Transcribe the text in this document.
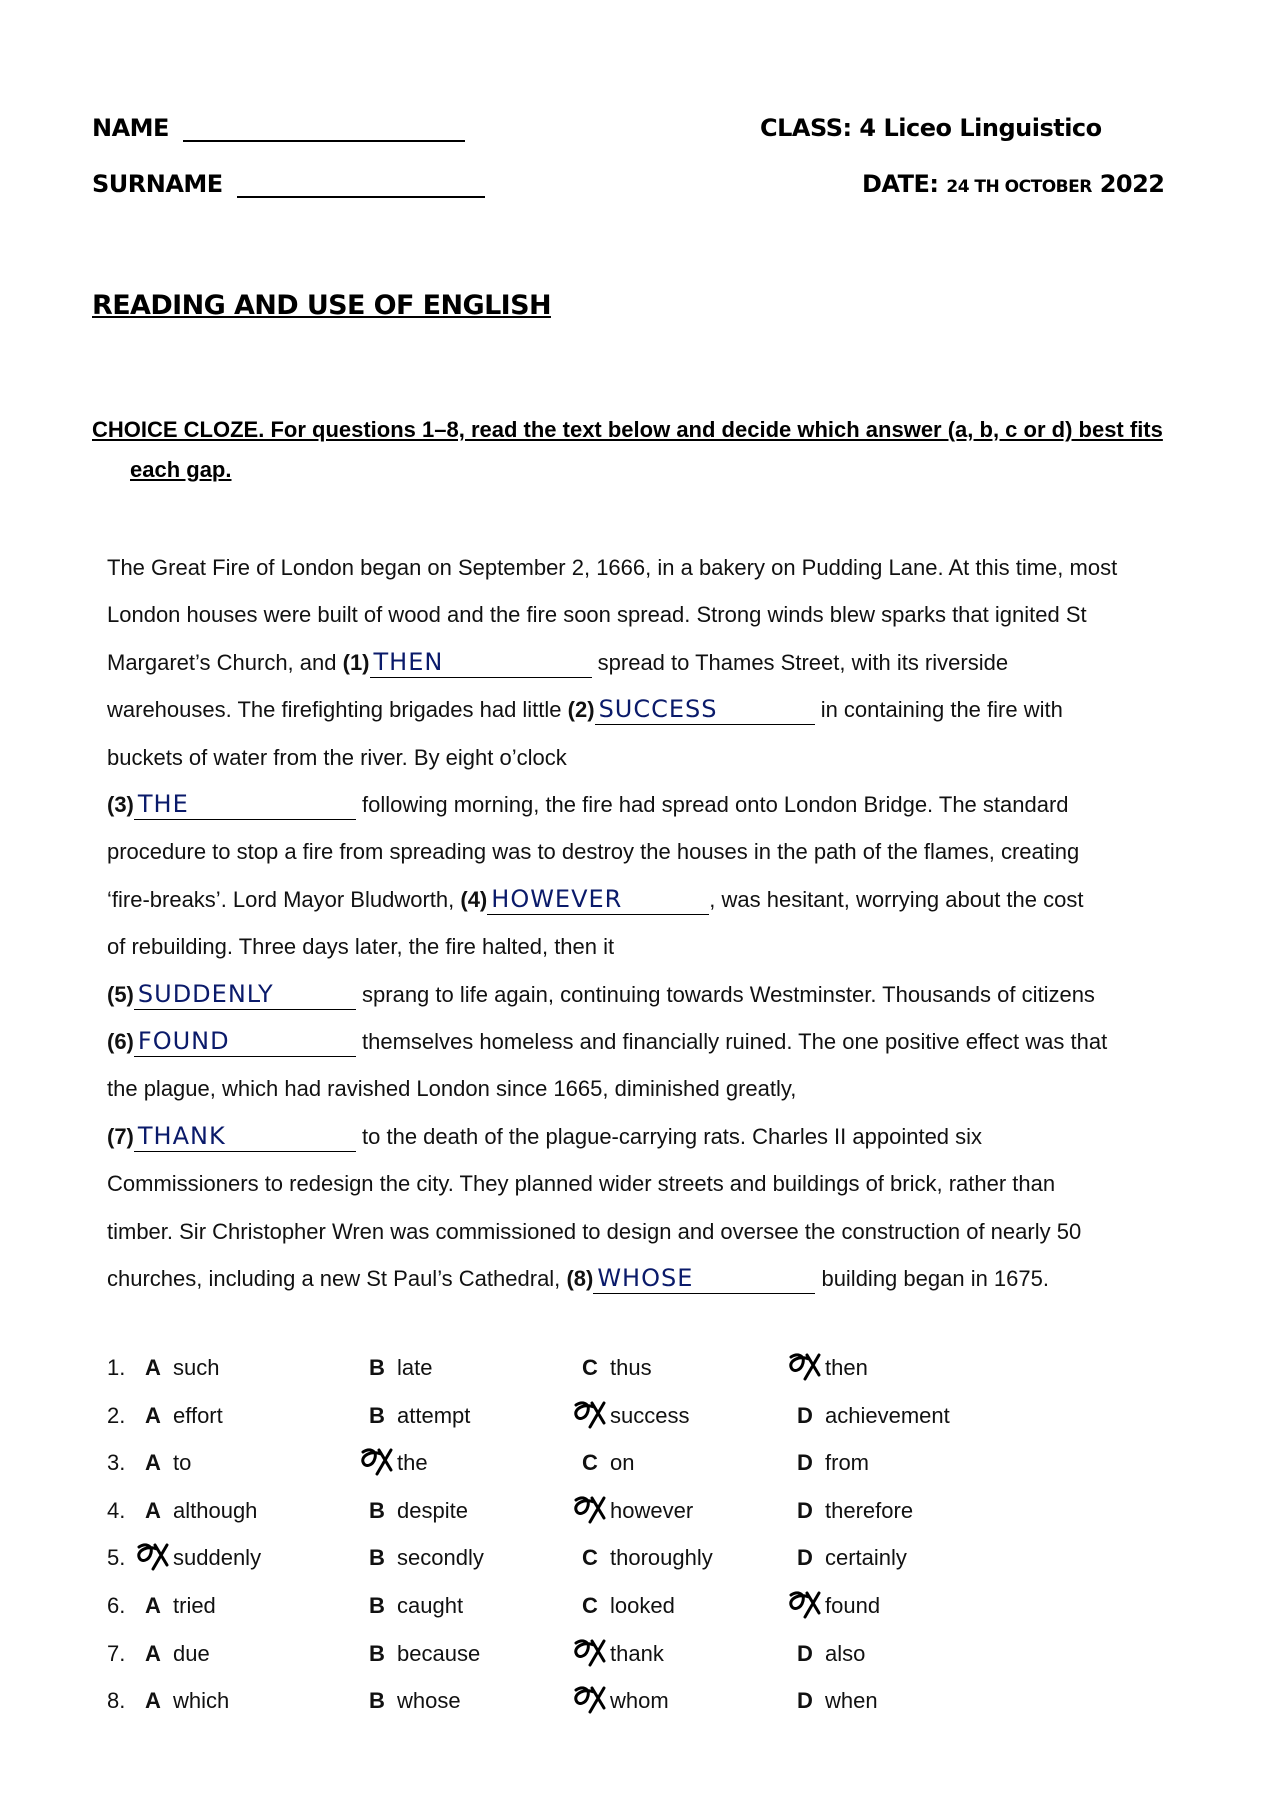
NAME
SURNAME
CLASS: 4 Liceo Linguistico
DATE: 24 TH OCTOBER 2022
READING AND USE OF ENGLISH
CHOICE CLOZE. For questions 1–8, read the text below and decide which answer (a, b, c or d) best fits
each gap.
The Great Fire of London began on September 2, 1666, in a bakery on Pudding Lane. At this time, most
London houses were built of wood and the fire soon spread. Strong winds blew sparks that ignited St
Margaret’s Church, and (1) THEN	spread to Thames Street, with its riverside
warehouses. The firefighting brigades had little (2) SUCCESS	in containing the fire with
buckets of water from the river. By eight o’clock
(3) THE	following morning, the fire had spread onto London Bridge. The standard
procedure to stop a fire from spreading was to destroy the houses in the path of the flames, creating
‘fire-breaks’. Lord Mayor Bludworth, (4) HOWEVER	, was hesitant, worrying about the cost
of rebuilding. Three days later, the fire halted, then it
(5) SUDDENLY	sprang to life again, continuing towards Westminster. Thousands of citizens
(6) FOUND	themselves homeless and financially ruined. The one positive effect was that
the plague, which had ravished London since 1665, diminished greatly,
(7) THANK	to the death of the plague-carrying rats. Charles II appointed six
Commissioners to redesign the city. They planned wider streets and buildings of brick, rather than
timber. Sir Christopher Wren was commissioned to design and oversee the construction of nearly 50
churches, including a new St Paul’s Cathedral, (8) WHOSE	building began in 1675.
1. A such	B late	C thus	then
2. A effort	B attempt	success	D achievement
3. A to	the	C on	D from
4. A although	B despite	however	D therefore
5.	suddenly	B secondly	C thoroughly	D certainly
6. A tried	B caught	C looked	found
7. A due	B because	thank	D also
8. A which	B whose	whom	D when
